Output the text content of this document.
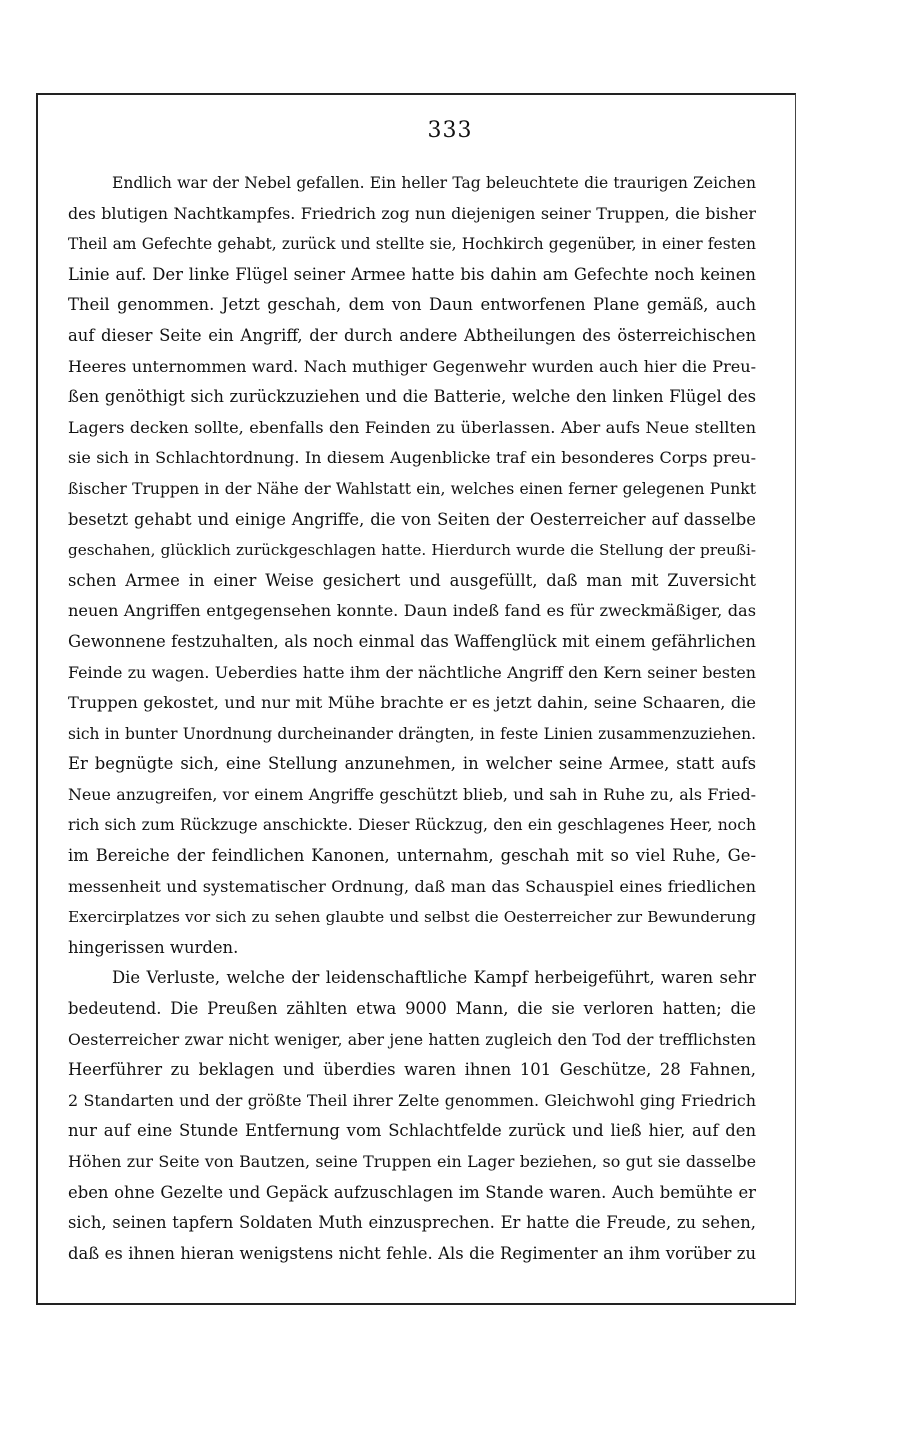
333
Endlich war der Nebel gefallen. Ein heller Tag beleuchtete die traurigen Zeichen
des blutigen Nachtkampfes. Friedrich zog nun diejenigen seiner Truppen, die bisher
Theil am Gefechte gehabt, zurück und stellte sie, Hochkirch gegenüber, in einer festen
Linie auf. Der linke Flügel seiner Armee hatte bis dahin am Gefechte noch keinen
Theil genommen. Jetzt geschah, dem von Daun entworfenen Plane gemäß, auch
auf dieser Seite ein Angriff, der durch andere Abtheilungen des österreichischen
Heeres unternommen ward. Nach muthiger Gegenwehr wurden auch hier die Preu-
ßen genöthigt sich zurückzuziehen und die Batterie, welche den linken Flügel des
Lagers decken sollte, ebenfalls den Feinden zu überlassen. Aber aufs Neue stellten
sie sich in Schlachtordnung. In diesem Augenblicke traf ein besonderes Corps preu-
ßischer Truppen in der Nähe der Wahlstatt ein, welches einen ferner gelegenen Punkt
besetzt gehabt und einige Angriffe, die von Seiten der Oesterreicher auf dasselbe
geschahen, glücklich zurückgeschlagen hatte. Hierdurch wurde die Stellung der preußi-
schen Armee in einer Weise gesichert und ausgefüllt, daß man mit Zuversicht
neuen Angriffen entgegensehen konnte. Daun indeß fand es für zweckmäßiger, das
Gewonnene festzuhalten, als noch einmal das Waffenglück mit einem gefährlichen
Feinde zu wagen. Ueberdies hatte ihm der nächtliche Angriff den Kern seiner besten
Truppen gekostet, und nur mit Mühe brachte er es jetzt dahin, seine Schaaren, die
sich in bunter Unordnung durcheinander drängten, in feste Linien zusammenzuziehen.
Er begnügte sich, eine Stellung anzunehmen, in welcher seine Armee, statt aufs
Neue anzugreifen, vor einem Angriffe geschützt blieb, und sah in Ruhe zu, als Fried-
rich sich zum Rückzuge anschickte. Dieser Rückzug, den ein geschlagenes Heer, noch
im Bereiche der feindlichen Kanonen, unternahm, geschah mit so viel Ruhe, Ge-
messenheit und systematischer Ordnung, daß man das Schauspiel eines friedlichen
Exercirplatzes vor sich zu sehen glaubte und selbst die Oesterreicher zur Bewunderung
hingerissen wurden.
Die Verluste, welche der leidenschaftliche Kampf herbeigeführt, waren sehr
bedeutend. Die Preußen zählten etwa 9000 Mann, die sie verloren hatten; die
Oesterreicher zwar nicht weniger, aber jene hatten zugleich den Tod der trefflichsten
Heerführer zu beklagen und überdies waren ihnen 101 Geschütze, 28 Fahnen,
2 Standarten und der größte Theil ihrer Zelte genommen. Gleichwohl ging Friedrich
nur auf eine Stunde Entfernung vom Schlachtfelde zurück und ließ hier, auf den
Höhen zur Seite von Bautzen, seine Truppen ein Lager beziehen, so gut sie dasselbe
eben ohne Gezelte und Gepäck aufzuschlagen im Stande waren. Auch bemühte er
sich, seinen tapfern Soldaten Muth einzusprechen. Er hatte die Freude, zu sehen,
daß es ihnen hieran wenigstens nicht fehle. Als die Regimenter an ihm vorüber zu
